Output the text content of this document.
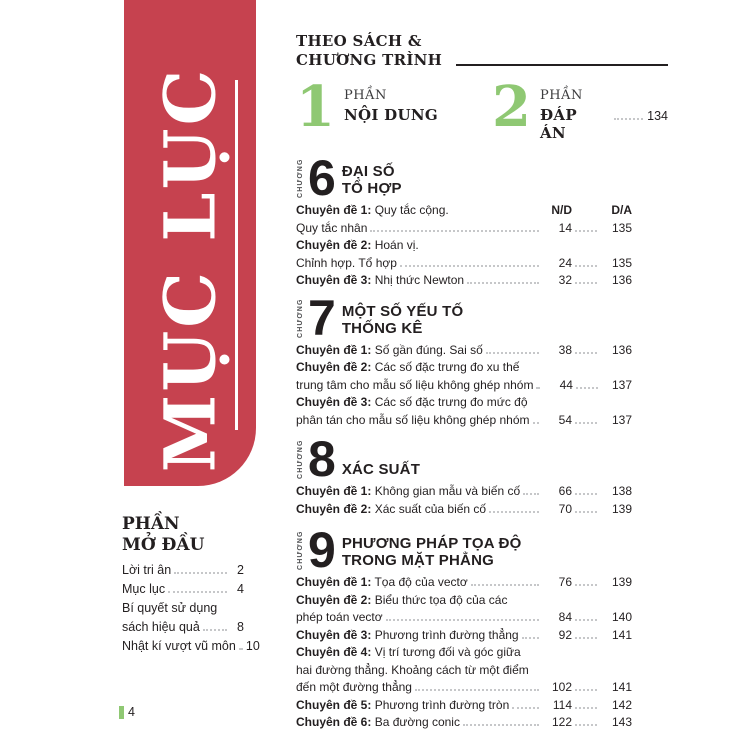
MỤC LỤC
PHẦN
MỞ ĐẦU
Lời tri ân	2
Mục lục	4
Bí quyết sử dụng
sách hiệu quả	8
Nhật kí vượt vũ môn 10
4
THEO SÁCH &
CHƯƠNG TRÌNH
1 PHẦN
NỘI DUNG 2 PHẦN
ĐÁP ÁN
134
CHƯƠNG 6 ĐẠI SỐ
TỔ HỢP
Chuyên đề 1: Quy tắc cộng.	N/D	D/A
Quy tắc nhân	14	135
Chuyên đề 2: Hoán vị.
Chỉnh hợp. Tổ hợp	24	135
Chuyên đề 3: Nhị thức Newton	32	136
CHƯƠNG 7 MỘT SỐ YẾU TỐ
THỐNG KÊ
Chuyên đề 1: Số gần đúng. Sai số	38	136
Chuyên đề 2: Các số đặc trưng đo xu thế
trung tâm cho mẫu số liệu không ghép nhóm	44	137
Chuyên đề 3: Các số đặc trưng đo mức độ
phân tán cho mẫu số liệu không ghép nhóm	54	137
CHƯƠNG 8 XÁC SUẤT
Chuyên đề 1: Không gian mẫu và biến cố	66	138
Chuyên đề 2: Xác suất của biến cố	70	139
CHƯƠNG 9 PHƯƠNG PHÁP TỌA ĐỘ
TRONG MẶT PHẲNG
Chuyên đề 1: Tọa độ của vectơ	76	139
Chuyên đề 2: Biểu thức tọa độ của các
phép toán vectơ	84	140
Chuyên đề 3: Phương trình đường thẳng	92	141
Chuyên đề 4: Vị trí tương đối và góc giữa
hai đường thẳng. Khoảng cách từ một điểm
đến một đường thẳng	102	141
Chuyên đề 5: Phương trình đường tròn	114	142
Chuyên đề 6: Ba đường conic	122	143
